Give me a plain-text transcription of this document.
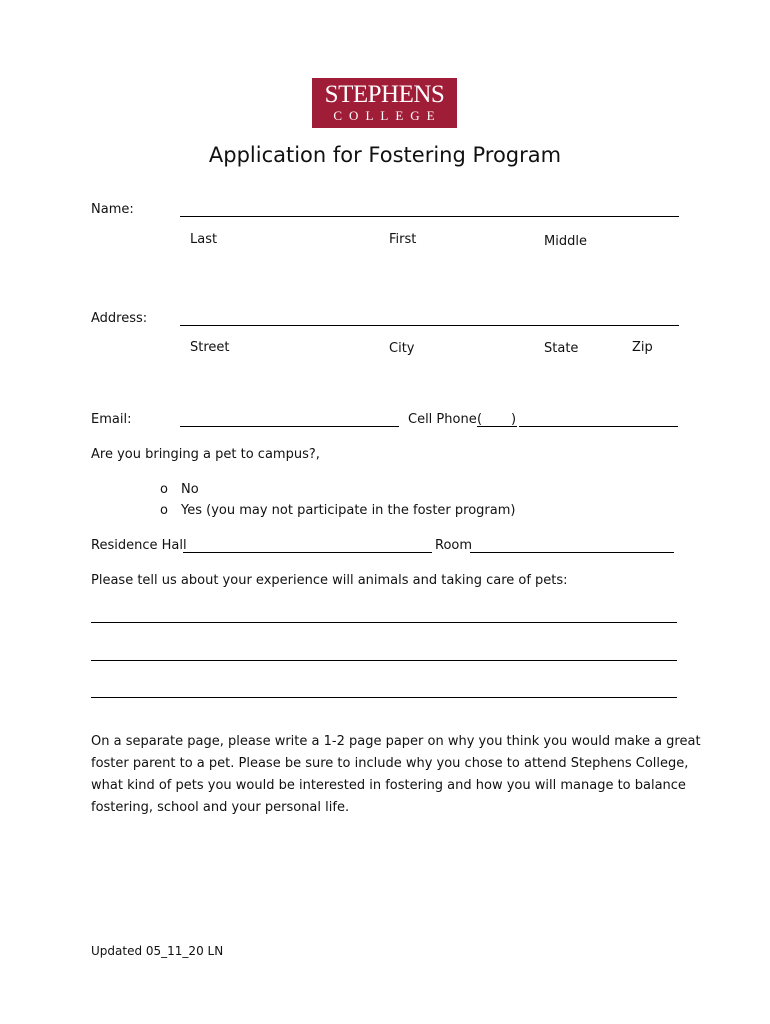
STEPHENS
COLLEGE
Application for Fostering Program
Name:
Last	First	Middle
Address:
Street	City	State	Zip
Email:	Cell Phone ( )
Are you bringing a pet to campus?,
o No
o Yes (you may not participate in the foster program)
Residence Hall	Room
Please tell us about your experience will animals and taking care of pets:
On a separate page, please write a 1-2 page paper on why you think you would make a great
foster parent to a pet. Please be sure to include why you chose to attend Stephens College,
what kind of pets you would be interested in fostering and how you will manage to balance
fostering, school and your personal life.
Updated 05_11_20 LN
